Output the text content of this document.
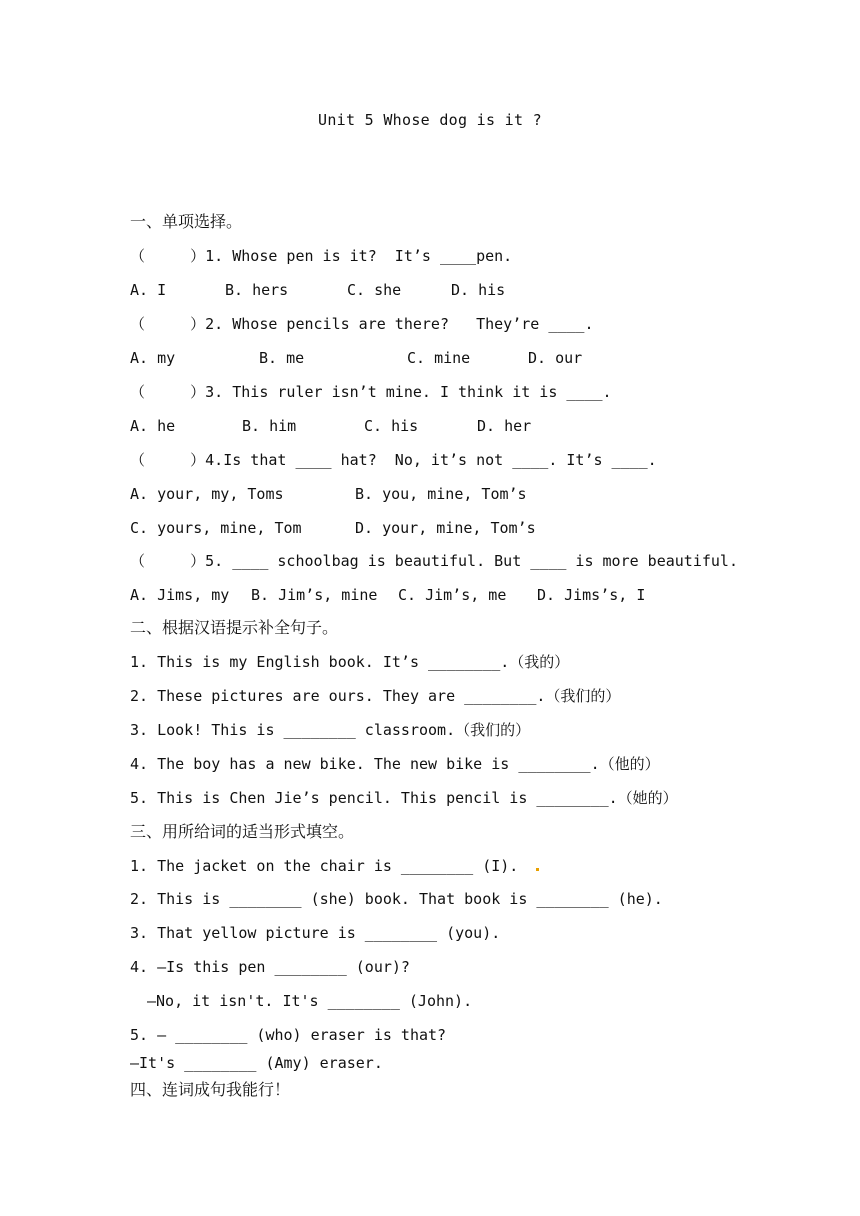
Unit 5 Whose dog is it ?
一、单项选择。
（     ）1. Whose pen is it?  It’s ____pen.
A. I	B. hers	C. she	D. his
（     ）2. Whose pencils are there?   They’re ____.
A. my	B. me	C. mine	D. our
（     ）3. This ruler isn’t mine. I think it is ____.
A. he	B. him	C. his	D. her
（     ）4.Is that ____ hat?  No, it’s not ____. It’s ____.
A. your, my, Toms	B. you, mine, Tom’s
C. yours, mine, Tom	D. your, mine, Tom’s
（     ）5. ____ schoolbag is beautiful. But ____ is more beautiful.
A. Jims, my B. Jim’s, mine C. Jim’s, me D. Jims’s, I
二、根据汉语提示补全句子。
1. This is my English book. It’s ________.（我的）
2. These pictures are ours. They are ________.（我们的）
3. Look! This is ________ classroom.（我们的）
4. The boy has a new bike. The new bike is ________.（他的）
5. This is Chen Jie’s pencil. This pencil is ________.（她的）
三、用所给词的适当形式填空。
1. The jacket on the chair is ________ (I).
2. This is ________ (she) book. That book is ________ (he).
3. That yellow picture is ________ (you).
4. —Is this pen ________ (our)?
—No, it isn't. It's ________ (John).
5. — ________ (who) eraser is that?
—It's ________ (Amy) eraser.
四、连词成句我能行！
